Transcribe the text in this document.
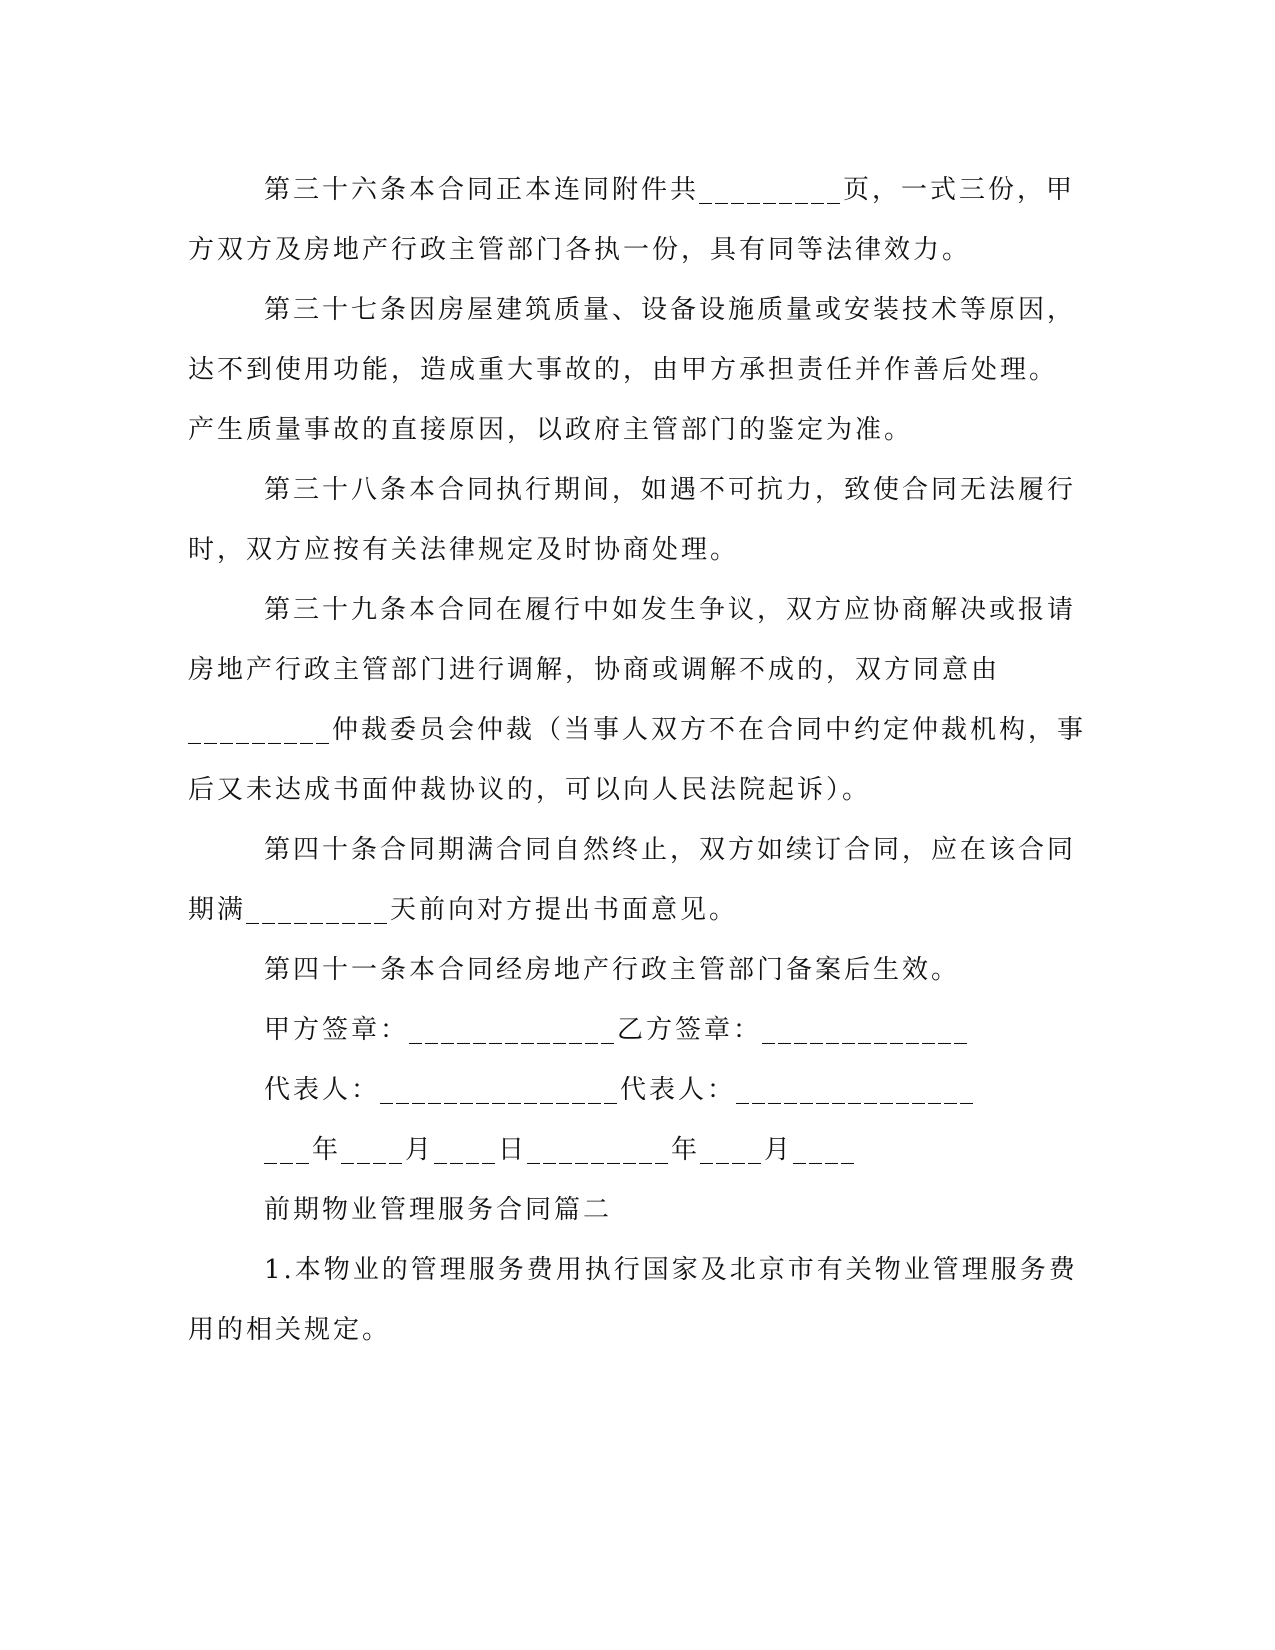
第三十六条本合同正本连同附件共_________页，一式三份，甲
方双方及房地产行政主管部门各执一份，具有同等法律效力。
第三十七条因房屋建筑质量、设备设施质量或安装技术等原因，
达不到使用功能，造成重大事故的，由甲方承担责任并作善后处理。
产生质量事故的直接原因，以政府主管部门的鉴定为准。
第三十八条本合同执行期间，如遇不可抗力，致使合同无法履行
时，双方应按有关法律规定及时协商处理。
第三十九条本合同在履行中如发生争议，双方应协商解决或报请
房地产行政主管部门进行调解，协商或调解不成的，双方同意由
_________仲裁委员会仲裁（当事人双方不在合同中约定仲裁机构，事
后又未达成书面仲裁协议的，可以向人民法院起诉）。
第四十条合同期满合同自然终止，双方如续订合同，应在该合同
期满_________天前向对方提出书面意见。
第四十一条本合同经房地产行政主管部门备案后生效。
甲方签章：_____________乙方签章：_____________
代表人：_______________代表人：_______________
___年____月____日_________年____月____
前期物业管理服务合同篇二
1.本物业的管理服务费用执行国家及北京市有关物业管理服务费
用的相关规定。
